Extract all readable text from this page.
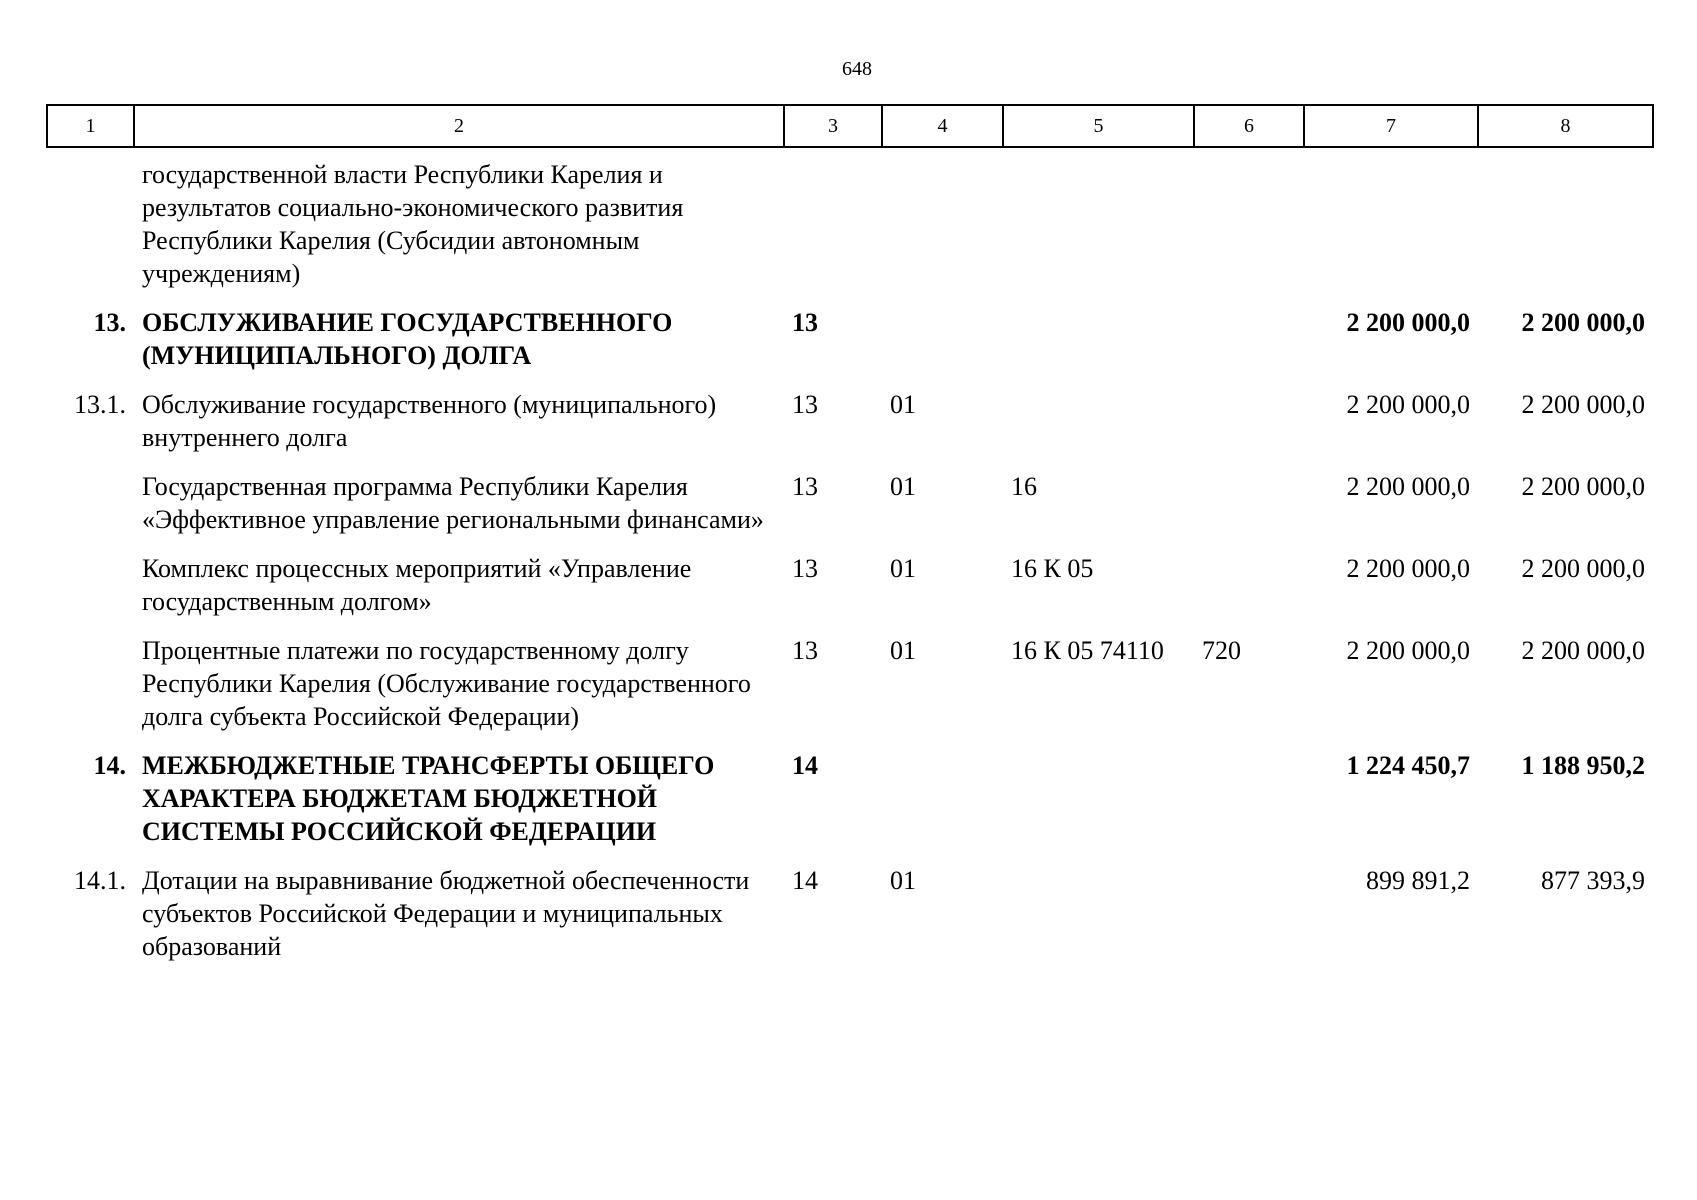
648
1	2	3	4	5	6	7	8
	государственной власти Республики Карелия и результатов социально-экономического развития Республики Карелия (Субсидии автономным учреждениям)						
13.	ОБСЛУЖИВАНИЕ ГОСУДАРСТВЕННОГО (МУНИЦИПАЛЬНОГО) ДОЛГА	13				2 200 000,0	2 200 000,0
13.1.	Обслуживание государственного (муниципального) внутреннего долга	13	01			2 200 000,0	2 200 000,0
	Государственная программа Республики Карелия «Эффективное управление региональными финансами»	13	01	16		2 200 000,0	2 200 000,0
	Комплекс процессных мероприятий «Управление государственным долгом»	13	01	16 К 05		2 200 000,0	2 200 000,0
	Процентные платежи по государственному долгу Республики Карелия (Обслуживание государственного долга субъекта Российской Федерации)	13	01	16 К 05 74110	720	2 200 000,0	2 200 000,0
14.	МЕЖБЮДЖЕТНЫЕ ТРАНСФЕРТЫ ОБЩЕГО ХАРАКТЕРА БЮДЖЕТАМ БЮДЖЕТНОЙ СИСТЕМЫ РОССИЙСКОЙ ФЕДЕРАЦИИ	14				1 224 450,7	1 188 950,2
14.1.	Дотации на выравнивание бюджетной обеспеченности субъектов Российской Федерации и муниципальных образований	14	01			899 891,2	877 393,9
